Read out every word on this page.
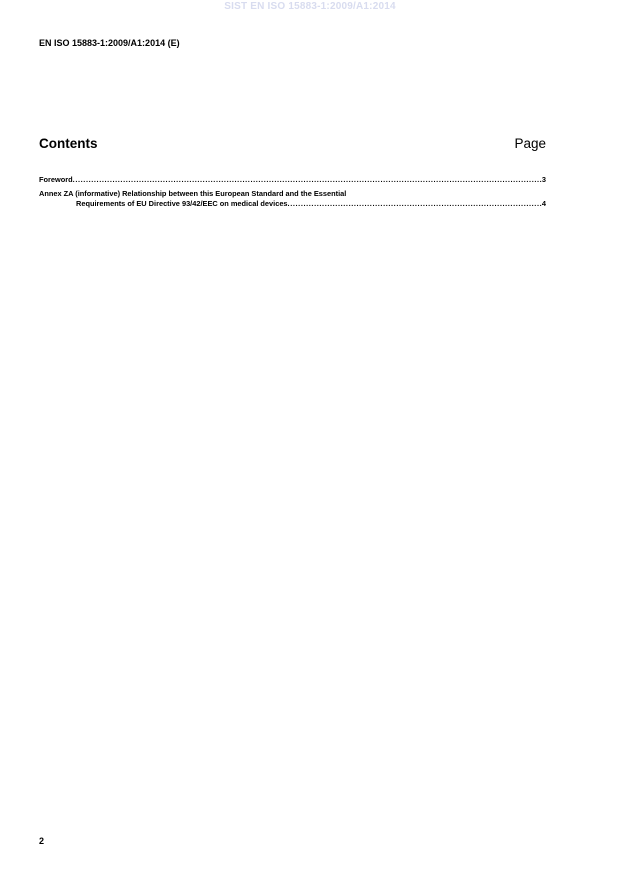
SIST EN ISO 15883-1:2009/A1:2014
EN ISO 15883-1:2009/A1:2014 (E)
Contents	Page
Foreword .....	3
Annex ZA (informative) Relationship between this European Standard and the Essential
Requirements of EU Directive 93/42/EEC on medical devices .....	4
2
